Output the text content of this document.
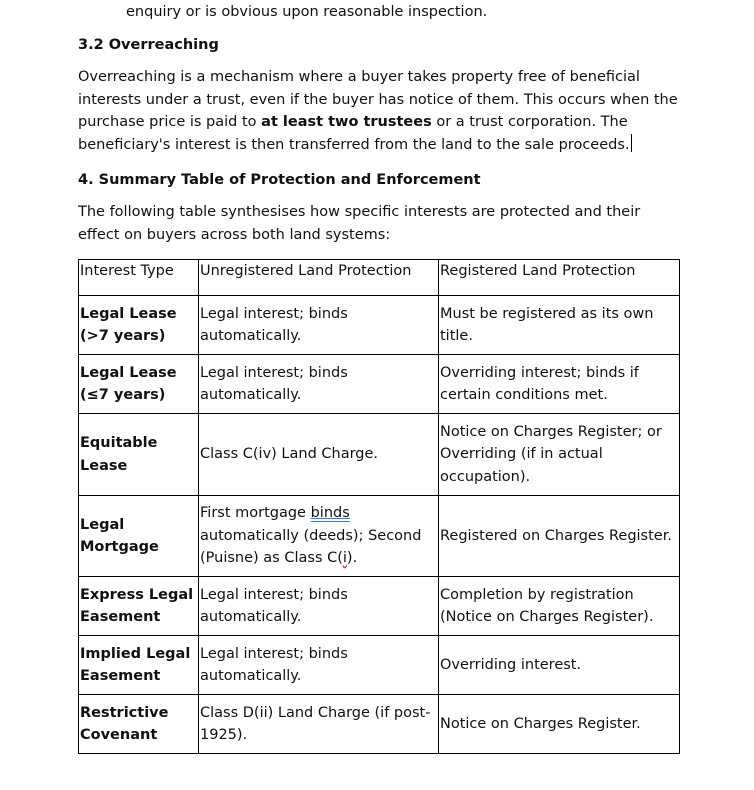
enquiry or is obvious upon reasonable inspection.
3.2 Overreaching
Overreaching is a mechanism where a buyer takes property free of beneficial interests under a trust, even if the buyer has notice of them. This occurs when the purchase price is paid to at least two trustees or a trust corporation. The beneficiary's interest is then transferred from the land to the sale proceeds.
4. Summary Table of Protection and Enforcement
The following table synthesises how specific interests are protected and their effect on buyers across both land systems:
Interest Type	Unregistered Land Protection	Registered Land Protection
Legal Lease (>7 years)	Legal interest; binds automatically.	Must be registered as its own title.
Legal Lease (≤7 years)	Legal interest; binds automatically.	Overriding interest; binds if certain conditions met.
Equitable Lease	Class C(iv) Land Charge.	Notice on Charges Register; or Overriding (if in actual occupation).
Legal Mortgage	First mortgage binds automatically (deeds); Second (Puisne) as Class C(i).	Registered on Charges Register.
Express Legal Easement	Legal interest; binds automatically.	Completion by registration (Notice on Charges Register).
Implied Legal Easement	Legal interest; binds automatically.	Overriding interest.
Restrictive Covenant	Class D(ii) Land Charge (if post-1925).	Notice on Charges Register.
